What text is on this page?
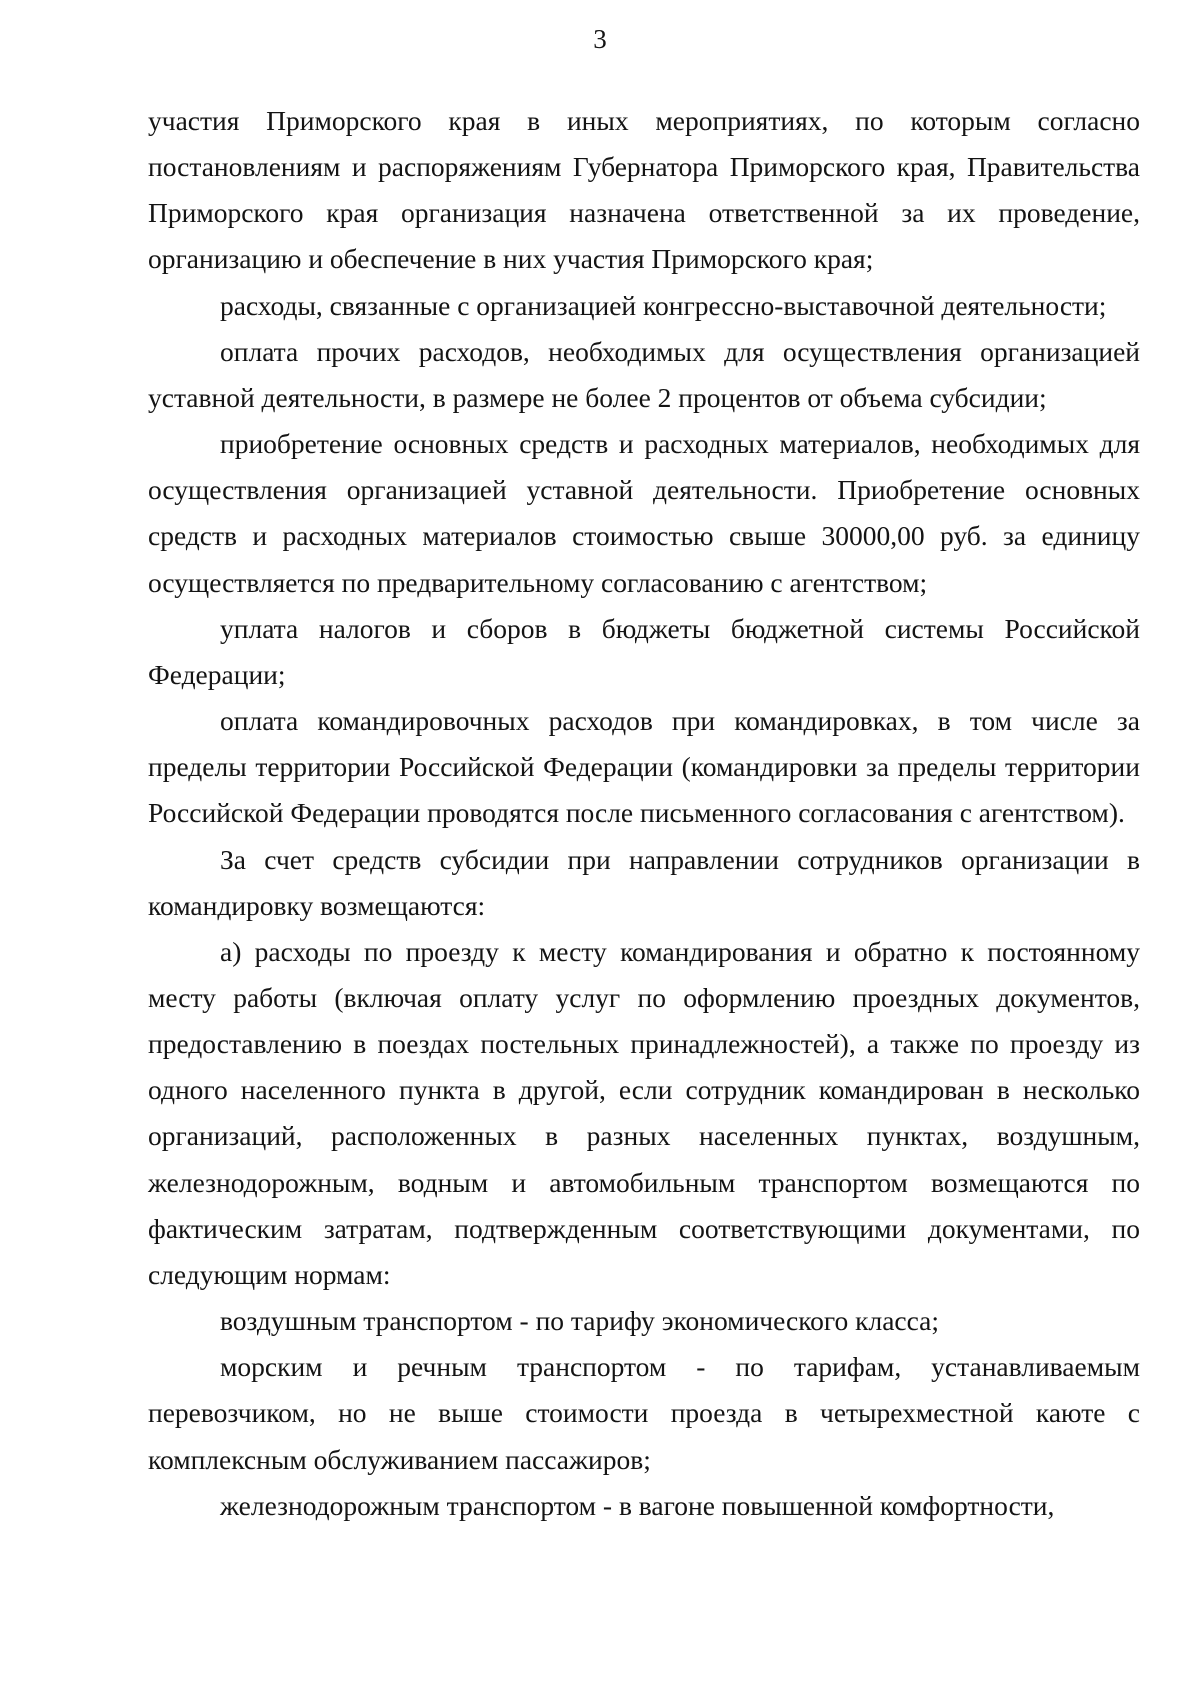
3

участия Приморского края в иных мероприятиях, по которым согласно постановлениям и распоряжениям Губернатора Приморского края, Правительства Приморского края организация назначена ответственной за их проведение, организацию и обеспечение в них участия Приморского края;

расходы, связанные с организацией конгрессно-выставочной деятельности;

оплата прочих расходов, необходимых для осуществления организацией уставной деятельности, в размере не более 2 процентов от объема субсидии;

приобретение основных средств и расходных материалов, необходимых для осуществления организацией уставной деятельности. Приобретение основных средств и расходных материалов стоимостью свыше 30000,00 руб. за единицу осуществляется по предварительному согласованию с агентством;

уплата налогов и сборов в бюджеты бюджетной системы Российской Федерации;

оплата командировочных расходов при командировках, в том числе за пределы территории Российской Федерации (командировки за пределы территории Российской Федерации проводятся после письменного согласования с агентством).

За счет средств субсидии при направлении сотрудников организации в командировку возмещаются:

а) расходы по проезду к месту командирования и обратно к постоянному месту работы (включая оплату услуг по оформлению проездных документов, предоставлению в поездах постельных принадлежностей), а также по проезду из одного населенного пункта в другой, если сотрудник командирован в несколько организаций, расположенных в разных населенных пунктах, воздушным, железнодорожным, водным и автомобильным транспортом возмещаются по фактическим затратам, подтвержденным соответствующими документами, по следующим нормам:

воздушным транспортом - по тарифу экономического класса;

морским и речным транспортом - по тарифам, устанавливаемым перевозчиком, но не выше стоимости проезда в четырехместной каюте с комплексным обслуживанием пассажиров;

железнодорожным транспортом - в вагоне повышенной комфортности,
